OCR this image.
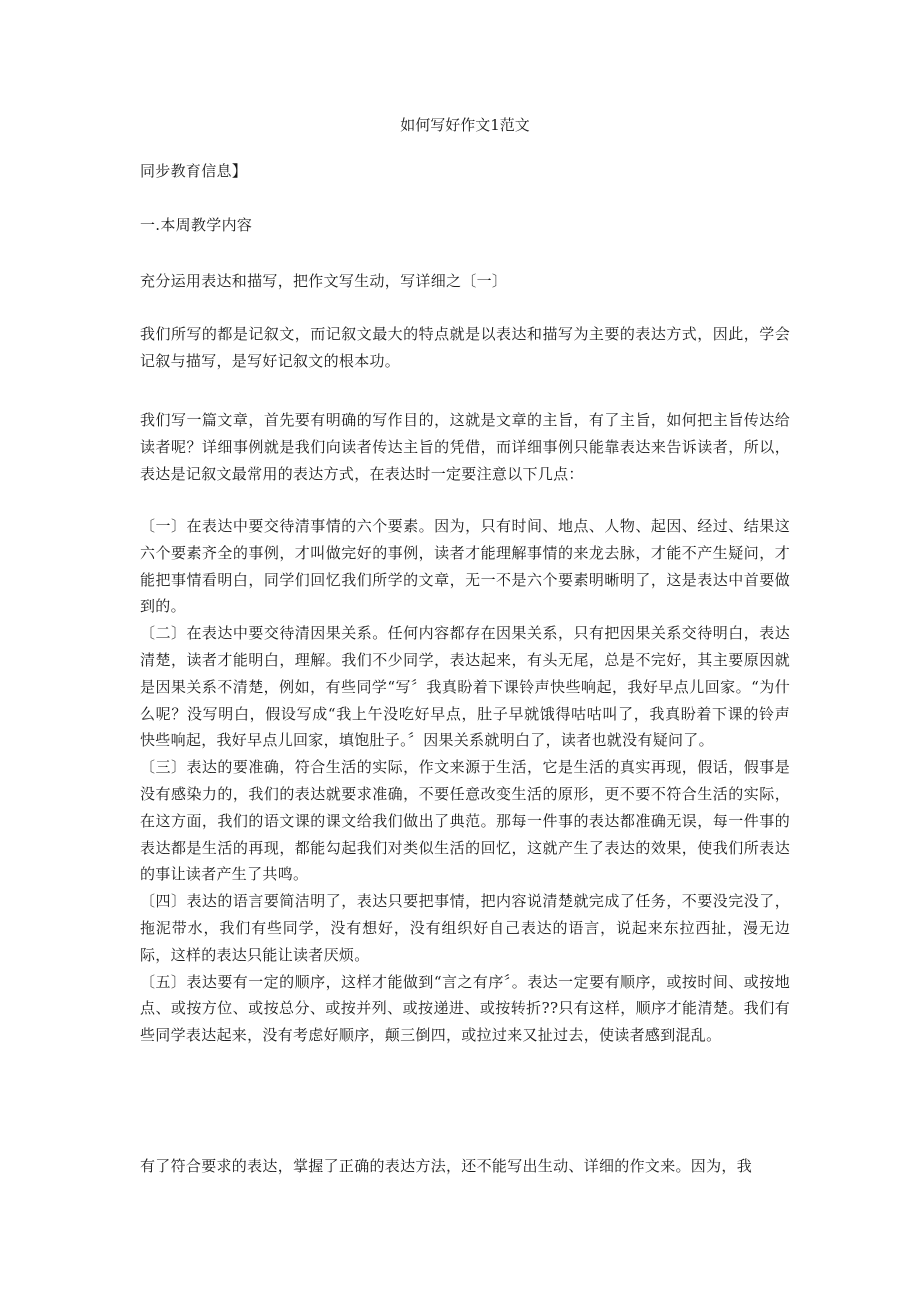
如何写好作文1范文
同步教育信息】
一.本周教学内容
充分运用表达和描写，把作文写生动，写详细之〔一〕
我们所写的都是记叙文，而记叙文最大的特点就是以表达和描写为主要的表达方式，因此，学会记叙与描写，是写好记叙文的根本功。
我们写一篇文章，首先要有明确的写作目的，这就是文章的主旨，有了主旨，如何把主旨传达给读者呢？详细事例就是我们向读者传达主旨的凭借，而详细事例只能靠表达来告诉读者，所以，表达是记叙文最常用的表达方式，在表达时一定要注意以下几点：
〔一〕在表达中要交待清事情的六个要素。因为，只有时间、地点、人物、起因、经过、结果这六个要素齐全的事例，才叫做完好的事例，读者才能理解事情的来龙去脉，才能不产生疑问，才能把事情看明白，同学们回忆我们所学的文章，无一不是六个要素明晰明了，这是表达中首要做到的。
〔二〕在表达中要交待清因果关系。任何内容都存在因果关系，只有把因果关系交待明白，表达清楚，读者才能明白，理解。我们不少同学，表达起来，有头无尾，总是不完好，其主要原因就是因果关系不清楚，例如，有些同学“写〞我真盼着下课铃声快些响起，我好早点儿回家。“为什么呢？没写明白，假设写成“我上午没吃好早点，肚子早就饿得咕咕叫了，我真盼着下课的铃声快些响起，我好早点儿回家，填饱肚子。〞因果关系就明白了，读者也就没有疑问了。
〔三〕表达的要准确，符合生活的实际，作文来源于生活，它是生活的真实再现，假话，假事是没有感染力的，我们的表达就要求准确，不要任意改变生活的原形，更不要不符合生活的实际，在这方面，我们的语文课的课文给我们做出了典范。那每一件事的表达都准确无误，每一件事的表达都是生活的再现，都能勾起我们对类似生活的回忆，这就产生了表达的效果，使我们所表达的事让读者产生了共鸣。
〔四〕表达的语言要简洁明了，表达只要把事情，把内容说清楚就完成了任务，不要没完没了，拖泥带水，我们有些同学，没有想好，没有组织好自己表达的语言，说起来东拉西扯，漫无边际，这样的表达只能让读者厌烦。
〔五〕表达要有一定的顺序，这样才能做到“言之有序〞。表达一定要有顺序，或按时间、或按地点、或按方位、或按总分、或按并列、或按递进、或按转折??只有这样，顺序才能清楚。我们有些同学表达起来，没有考虑好顺序，颠三倒四，或拉过来又扯过去，使读者感到混乱。
有了符合要求的表达，掌握了正确的表达方法，还不能写出生动、详细的作文来。因为，我
